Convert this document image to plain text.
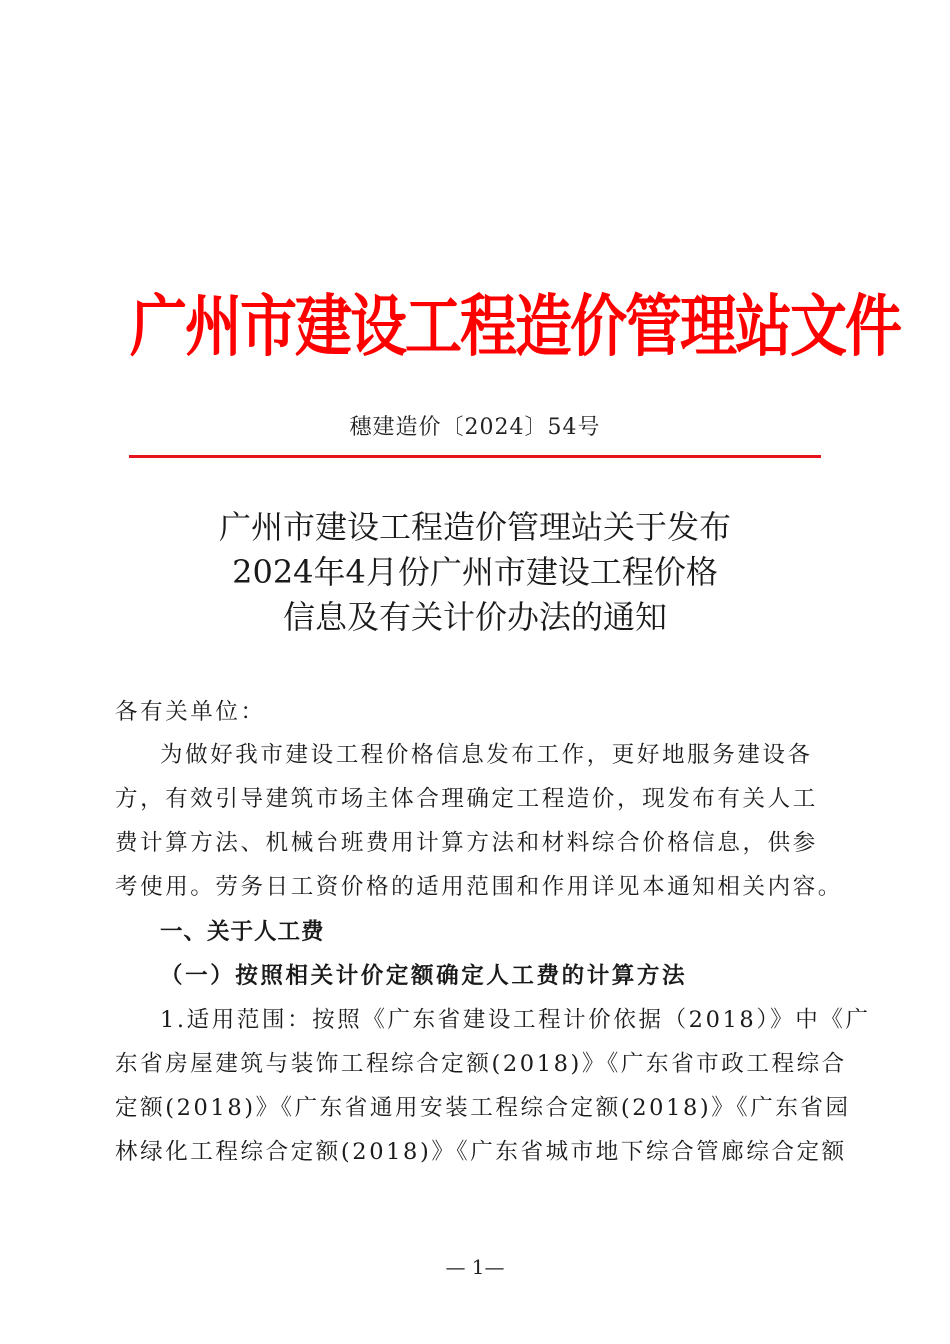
广州市建设工程造价管理站文件
穗建造价〔2024〕54号
广州市建设工程造价管理站关于发布
2024年4月份广州市建设工程价格
信息及有关计价办法的通知
各有关单位：
为做好我市建设工程价格信息发布工作，更好地服务建设各
方，有效引导建筑市场主体合理确定工程造价，现发布有关人工
费计算方法、机械台班费用计算方法和材料综合价格信息，供参
考使用。劳务日工资价格的适用范围和作用详见本通知相关内容。
一、关于人工费
（一）按照相关计价定额确定人工费的计算方法
1.适用范围：按照《广东省建设工程计价依据（2018）》中《广
东省房屋建筑与装饰工程综合定额(2018)》《广东省市政工程综合
定额(2018)》《广东省通用安装工程综合定额(2018)》《广东省园
林绿化工程综合定额(2018)》《广东省城市地下综合管廊综合定额
— 1—
